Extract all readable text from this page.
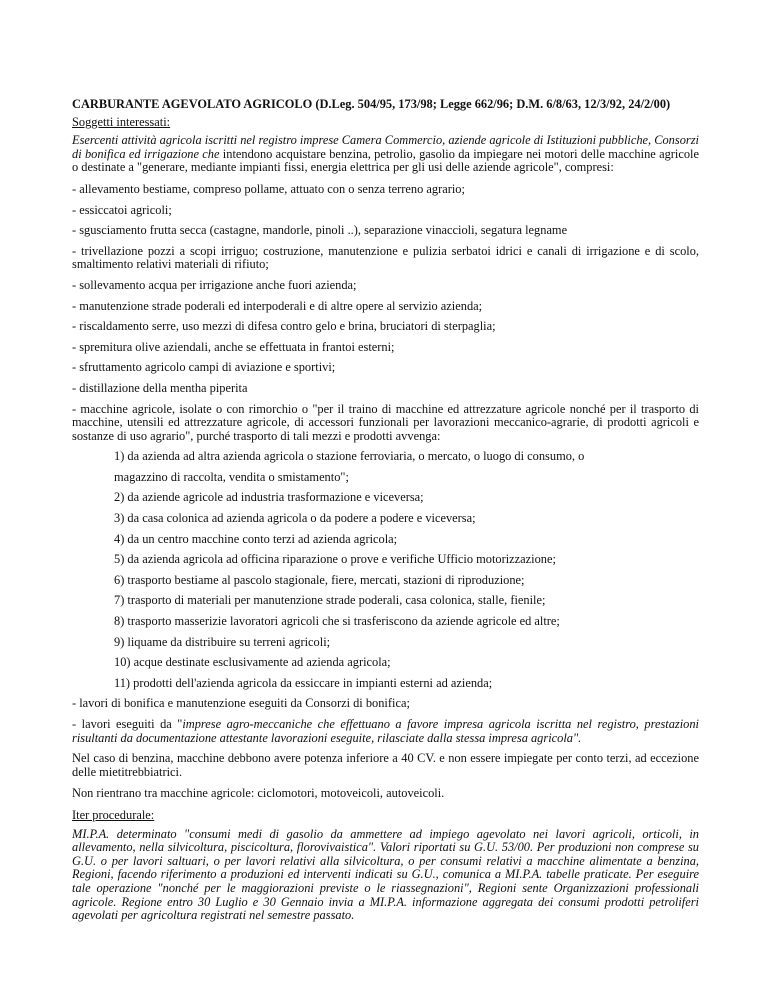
CARBURANTE AGEVOLATO AGRICOLO (D.Leg. 504/95, 173/98; Legge 662/96; D.M. 6/8/63, 12/3/92, 24/2/00)

Soggetti interessati:

Esercenti attività agricola iscritti nel registro imprese Camera Commercio, aziende agricole di Istituzioni pubbliche, Consorzi di bonifica ed irrigazione che intendono acquistare benzina, petrolio, gasolio da impiegare nei motori delle macchine agricole o destinate a "generare, mediante impianti fissi, energia elettrica per gli usi delle aziende agricole", compresi:

- allevamento bestiame, compreso pollame, attuato con o senza terreno agrario;

- essiccatoi agricoli;

- sgusciamento frutta secca (castagne, mandorle, pinoli ..), separazione vinaccioli, segatura legname

- trivellazione pozzi a scopi irriguo; costruzione, manutenzione e pulizia serbatoi idrici e canali di irrigazione e di scolo, smaltimento relativi materiali di rifiuto;

- sollevamento acqua per irrigazione anche fuori azienda;

- manutenzione strade poderali ed interpoderali e di altre opere al servizio azienda;

- riscaldamento serre, uso mezzi di difesa contro gelo e brina, bruciatori di sterpaglia;

- spremitura olive aziendali, anche se effettuata in frantoi esterni;

- sfruttamento agricolo campi di aviazione e sportivi;

- distillazione della mentha piperita

- macchine agricole, isolate o con rimorchio o "per il traino di macchine ed attrezzature agricole nonché per il trasporto di macchine, utensili ed attrezzature agricole, di accessori funzionali per lavorazioni meccanico-agrarie, di prodotti agricoli e sostanze di uso agrario", purché trasporto di tali mezzi e prodotti avvenga:

1) da azienda ad altra azienda agricola o stazione ferroviaria, o mercato, o luogo di consumo, o

magazzino di raccolta, vendita o smistamento";

2) da aziende agricole ad industria trasformazione e viceversa;

3) da casa colonica ad azienda agricola o da podere a podere e viceversa;

4) da un centro macchine conto terzi ad azienda agricola;

5) da azienda agricola ad officina riparazione o prove e verifiche Ufficio motorizzazione;

6) trasporto bestiame al pascolo stagionale, fiere, mercati, stazioni di riproduzione;

7) trasporto di materiali per manutenzione strade poderali, casa colonica, stalle, fienile;

8) trasporto masserizie lavoratori agricoli che si trasferiscono da aziende agricole ed altre;

9) liquame da distribuire su terreni agricoli;

10) acque destinate esclusivamente ad azienda agricola;

11) prodotti dell'azienda agricola da essiccare in impianti esterni ad azienda;

- lavori di bonifica e manutenzione eseguiti da Consorzi di bonifica;

- lavori eseguiti da "imprese agro-meccaniche che effettuano a favore impresa agricola iscritta nel registro, prestazioni risultanti da documentazione attestante lavorazioni eseguite, rilasciate dalla stessa impresa agricola".

Nel caso di benzina, macchine debbono avere potenza inferiore a 40 CV. e non essere impiegate per conto terzi, ad eccezione delle mietitrebbiatrici.

Non rientrano tra macchine agricole: ciclomotori, motoveicoli, autoveicoli.

Iter procedurale:

MI.P.A. determinato "consumi medi di gasolio da ammettere ad impiego agevolato nei lavori agricoli, orticoli, in allevamento, nella silvicoltura, piscicoltura, florovivaistica". Valori riportati su G.U. 53/00. Per produzioni non comprese su G.U. o per lavori saltuari, o per lavori relativi alla silvicoltura, o per consumi relativi a macchine alimentate a benzina, Regioni, facendo riferimento a produzioni ed interventi indicati su G.U., comunica a MI.P.A. tabelle praticate. Per eseguire tale operazione "nonché per le maggiorazioni previste o le riassegnazioni", Regioni sente Organizzazioni professionali agricole. Regione entro 30 Luglio e 30 Gennaio invia a MI.P.A. informazione aggregata dei consumi prodotti petroliferi agevolati per agricoltura registrati nel semestre passato.
